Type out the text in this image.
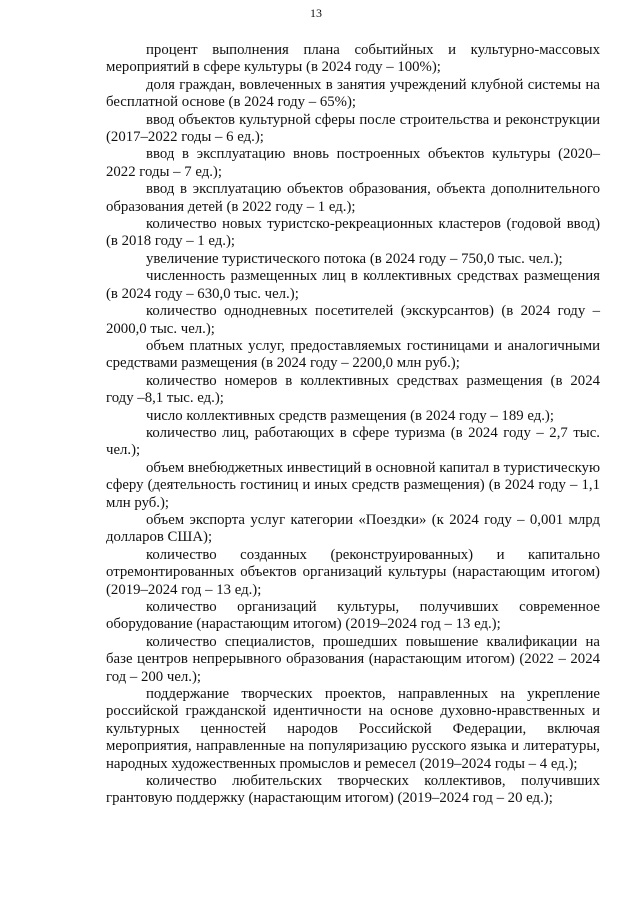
13

процент выполнения плана событийных и культурно-массовых мероприятий в сфере культуры (в 2024 году – 100%);

доля граждан, вовлеченных в занятия учреждений клубной системы на бесплатной основе (в 2024 году – 65%);

ввод объектов культурной сферы после строительства и реконструкции (2017–2022 годы – 6 ед.);

ввод в эксплуатацию вновь построенных объектов культуры (2020–2022 годы – 7 ед.);

ввод в эксплуатацию объектов образования, объекта дополнительного образования детей (в 2022 году – 1 ед.);

количество новых туристско-рекреационных кластеров (годовой ввод) (в 2018 году – 1 ед.);

увеличение туристического потока (в 2024 году – 750,0 тыс. чел.);

численность размещенных лиц в коллективных средствах размещения (в 2024 году – 630,0 тыс. чел.);

количество однодневных посетителей (экскурсантов) (в 2024 году – 2000,0 тыс. чел.);

объем платных услуг, предоставляемых гостиницами и аналогичными средствами размещения (в 2024 году – 2200,0 млн руб.);

количество номеров в коллективных средствах размещения (в 2024 году –8,1 тыс. ед.);

число коллективных средств размещения (в 2024 году – 189 ед.);

количество лиц, работающих в сфере туризма (в 2024 году – 2,7 тыс. чел.);

объем внебюджетных инвестиций в основной капитал в туристическую сферу (деятельность гостиниц и иных средств размещения) (в 2024 году – 1,1 млн руб.);

объем экспорта услуг категории «Поездки» (к 2024 году – 0,001 млрд долларов США);

количество созданных (реконструированных) и капитально отремонтированных объектов организаций культуры (нарастающим итогом) (2019–2024 год – 13 ед.);

количество организаций культуры, получивших современное оборудование (нарастающим итогом) (2019–2024 год – 13 ед.);

количество специалистов, прошедших повышение квалификации на базе центров непрерывного образования (нарастающим итогом) (2022 – 2024 год – 200 чел.);

поддержание творческих проектов, направленных на укрепление российской гражданской идентичности на основе духовно-нравственных и культурных ценностей народов Российской Федерации, включая мероприятия, направленные на популяризацию русского языка и литературы, народных художественных промыслов и ремесел (2019–2024 годы – 4 ед.);

количество любительских творческих коллективов, получивших грантовую поддержку (нарастающим итогом) (2019–2024 год – 20 ед.);
